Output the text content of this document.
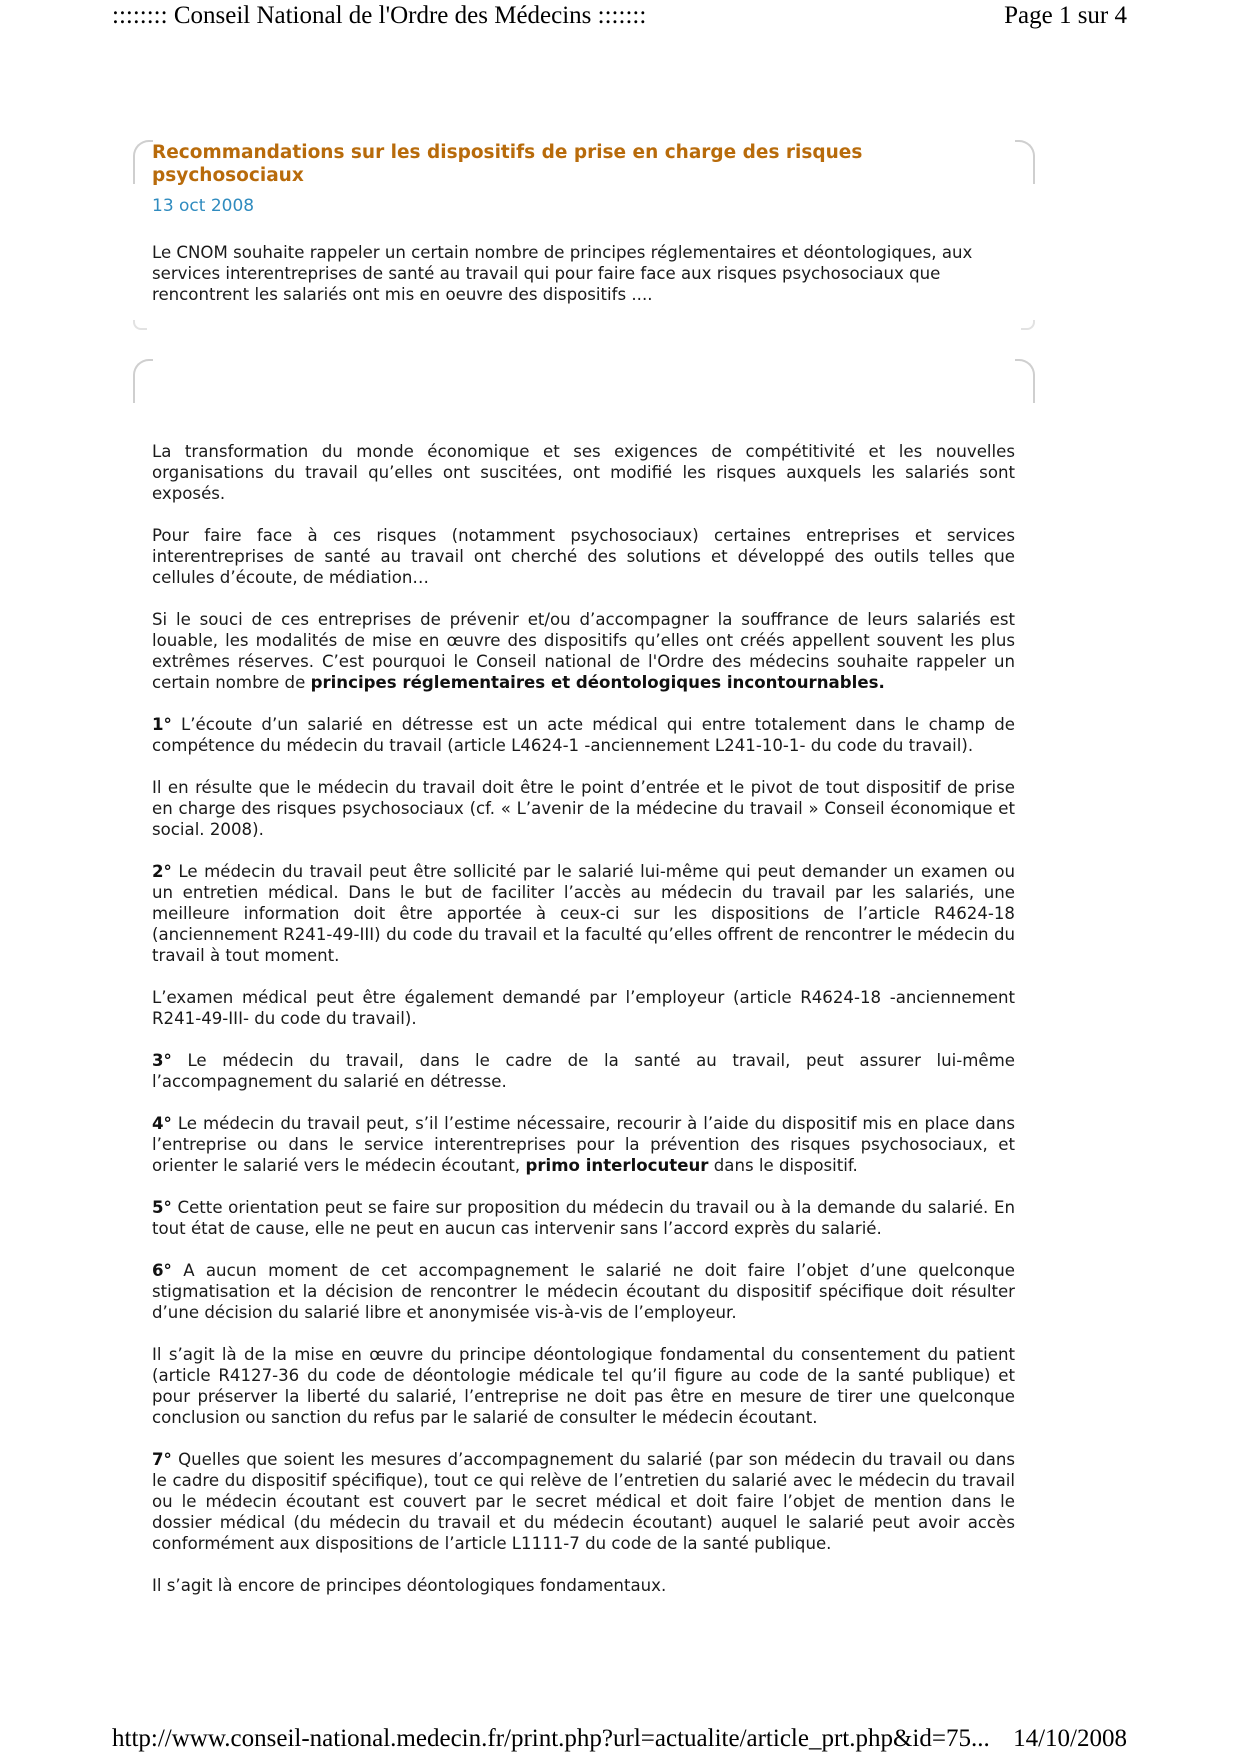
:::::::: Conseil National de l'Ordre des Médecins :::::::	Page 1 sur 4
Recommandations sur les dispositifs de prise en charge des risques psychosociaux
13 oct 2008

Le CNOM souhaite rappeler un certain nombre de principes réglementaires et déontologiques, aux services interentreprises de santé au travail qui pour faire face aux risques psychosociaux que rencontrent les salariés ont mis en oeuvre des dispositifs ....

La transformation du monde économique et ses exigences de compétitivité et les nouvelles organisations du travail qu’elles ont suscitées, ont modifié les risques auxquels les salariés sont exposés.

Pour faire face à ces risques (notamment psychosociaux) certaines entreprises et services interentreprises de santé au travail ont cherché des solutions et développé des outils telles que cellules d’écoute, de médiation…

Si le souci de ces entreprises de prévenir et/ou d’accompagner la souffrance de leurs salariés est louable, les modalités de mise en œuvre des dispositifs qu’elles ont créés appellent souvent les plus extrêmes réserves. C’est pourquoi le Conseil national de l'Ordre des médecins souhaite rappeler un certain nombre de principes réglementaires et déontologiques incontournables.

1° L’écoute d’un salarié en détresse est un acte médical qui entre totalement dans le champ de compétence du médecin du travail (article L4624-1 -anciennement L241-10-1- du code du travail).

Il en résulte que le médecin du travail doit être le point d’entrée et le pivot de tout dispositif de prise en charge des risques psychosociaux (cf. « L’avenir de la médecine du travail » Conseil économique et social. 2008).

2° Le médecin du travail peut être sollicité par le salarié lui-même qui peut demander un examen ou un entretien médical. Dans le but de faciliter l’accès au médecin du travail par les salariés, une meilleure information doit être apportée à ceux-ci sur les dispositions de l’article R4624-18 (anciennement R241-49-III) du code du travail et la faculté qu’elles offrent de rencontrer le médecin du travail à tout moment.

L’examen médical peut être également demandé par l’employeur (article R4624-18 -anciennement R241-49-III- du code du travail).

3° Le médecin du travail, dans le cadre de la santé au travail, peut assurer lui-même l’accompagnement du salarié en détresse.

4° Le médecin du travail peut, s’il l’estime nécessaire, recourir à l’aide du dispositif mis en place dans l’entreprise ou dans le service interentreprises pour la prévention des risques psychosociaux, et orienter le salarié vers le médecin écoutant, primo interlocuteur dans le dispositif.

5° Cette orientation peut se faire sur proposition du médecin du travail ou à la demande du salarié. En tout état de cause, elle ne peut en aucun cas intervenir sans l’accord exprès du salarié.

6° A aucun moment de cet accompagnement le salarié ne doit faire l’objet d’une quelconque stigmatisation et la décision de rencontrer le médecin écoutant du dispositif spécifique doit résulter d’une décision du salarié libre et anonymisée vis-à-vis de l’employeur.

Il s’agit là de la mise en œuvre du principe déontologique fondamental du consentement du patient (article R4127-36 du code de déontologie médicale tel qu’il figure au code de la santé publique) et pour préserver la liberté du salarié, l’entreprise ne doit pas être en mesure de tirer une quelconque conclusion ou sanction du refus par le salarié de consulter le médecin écoutant.

7° Quelles que soient les mesures d’accompagnement du salarié (par son médecin du travail ou dans le cadre du dispositif spécifique), tout ce qui relève de l’entretien du salarié avec le médecin du travail ou le médecin écoutant est couvert par le secret médical et doit faire l’objet de mention dans le dossier médical (du médecin du travail et du médecin écoutant) auquel le salarié peut avoir accès conformément aux dispositions de l’article L1111-7 du code de la santé publique.

Il s’agit là encore de principes déontologiques fondamentaux.

http://www.conseil-national.medecin.fr/print.php?url=actualite/article_prt.php&id=75... 14/10/2008
